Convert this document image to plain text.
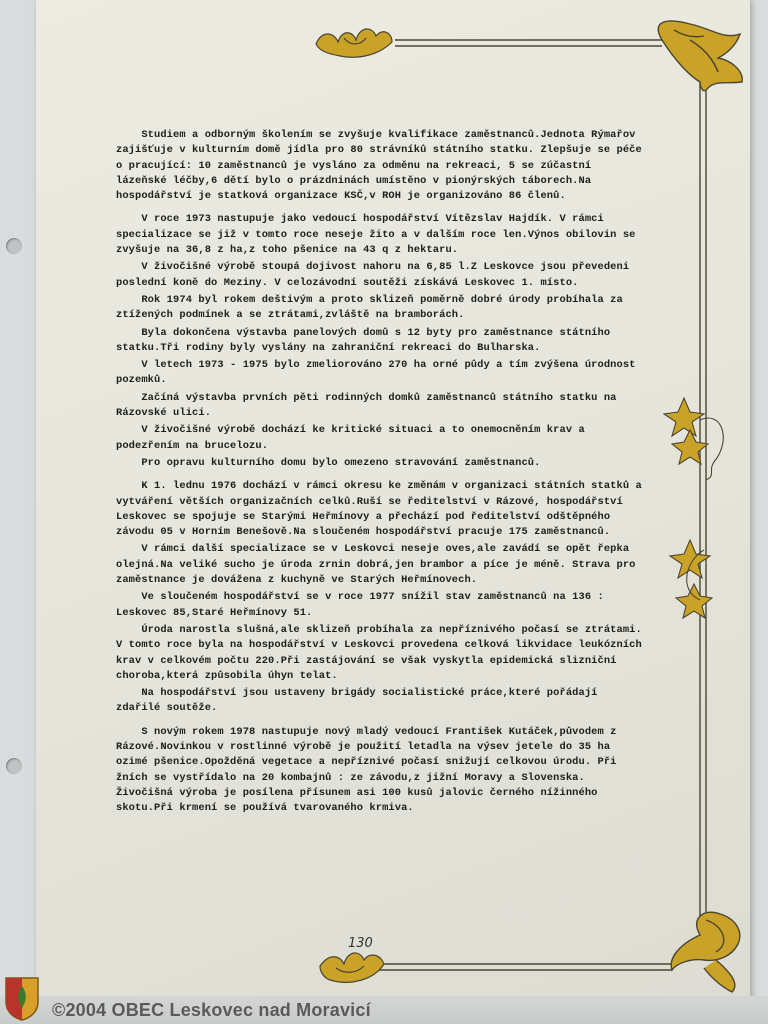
Studiem a odborným školením se zvyšuje kvalifikace zaměstnanců.Jednota Rýmařov zajišťuje v kulturním domě jídla pro 80 strávníků státního statku. Zlepšuje se péče o pracující: 10 zaměstnanců je vysláno za odměnu na rekreaci, 5 se zúčastní lázeňské léčby,6 dětí bylo o prázdninách umístěno v pionýrských táborech.Na hospodářství je statková organizace KSČ,v ROH je organizováno 86 členů.

V roce 1973 nastupuje jako vedoucí hospodářství Vítězslav Hajdík. V rámci specializace se již v tomto roce neseje žito a v dalším roce len.Výnos obilovin se zvyšuje na 36,8 z ha,z toho pšenice na 43 q z hektaru.

V živočišné výrobě stoupá dojivost nahoru na 6,85 l.Z Leskovce jsou převedeni poslední koně do Meziny. V celozávodní soutěži získává Leskovec 1. místo.

Rok 1974 byl rokem deštivým a proto sklizeň poměrně dobré úrody probíhala za ztížených podmínek a se ztrátami,zvláště na bramborách.

Byla dokončena výstavba panelových domů s 12 byty pro zaměstnance státního statku.Tři rodiny byly vyslány na zahraniční rekreaci do Bulharska.

V letech 1973 - 1975 bylo zmeliorováno 270 ha orné půdy a tím zvýšena úrodnost pozemků.

Začíná výstavba prvních pěti rodinných domků zaměstnanců státního statku na Rázovské ulici.

V živočišné výrobě dochází ke kritické situaci a to onemocněním krav a podezřením na brucelozu.

Pro opravu kulturního domu bylo omezeno stravování zaměstnanců.

K 1. lednu 1976 dochází v rámci okresu ke změnám v organizaci státních statků a vytváření větších organizačních celků.Ruší se ředitelství v Rázové, hospodářství Leskovec se spojuje se Starými Heřmínovy a přechází pod ředitelství odštěpného závodu 05 v Horním Benešově.Na sloučeném hospodářství pracuje 175 zaměstnanců.

V rámci další specializace se v Leskovci neseje oves,ale zavádí se opět řepka olejná.Na veliké sucho je úroda zrnin dobrá,jen brambor a píce je méně. Strava pro zaměstnance je dovážena z kuchyně ve Starých Heřmínovech.

Ve sloučeném hospodářství se v roce 1977 snížil stav zaměstnanců na 136 : Leskovec 85,Staré Heřmínovy 51.

Úroda narostla slušná,ale sklizeň probíhala za nepříznivého počasí se ztrátami. V tomto roce byla na hospodářství v Leskovci provedena celková likvidace leukózních krav v celkovém počtu 220.Při zastájování se však vyskytla epidemická slizniční choroba,která způsobila úhyn telat.

Na hospodářství jsou ustaveny brigády socialistické práce,které pořádají zdařilé soutěže.

S novým rokem 1978 nastupuje nový mladý vedoucí František Kutáček,původem z Rázové.Novinkou v rostlinné výrobě je použití letadla na výsev jetele do 35 ha ozimé pšenice.Opožděná vegetace a nepříznivé počasí snižují celkovou úrodu. Při žních se vystřídalo na 20 kombajnů : ze závodu,z jižní Moravy a Slovenska. Živočišná výroba je posílena přísunem asi 100 kusů jalovic černého nížinného skotu.Při krmení se používá tvarovaného krmiva.

130
©2004 OBEC Leskovec nad Moravicí
